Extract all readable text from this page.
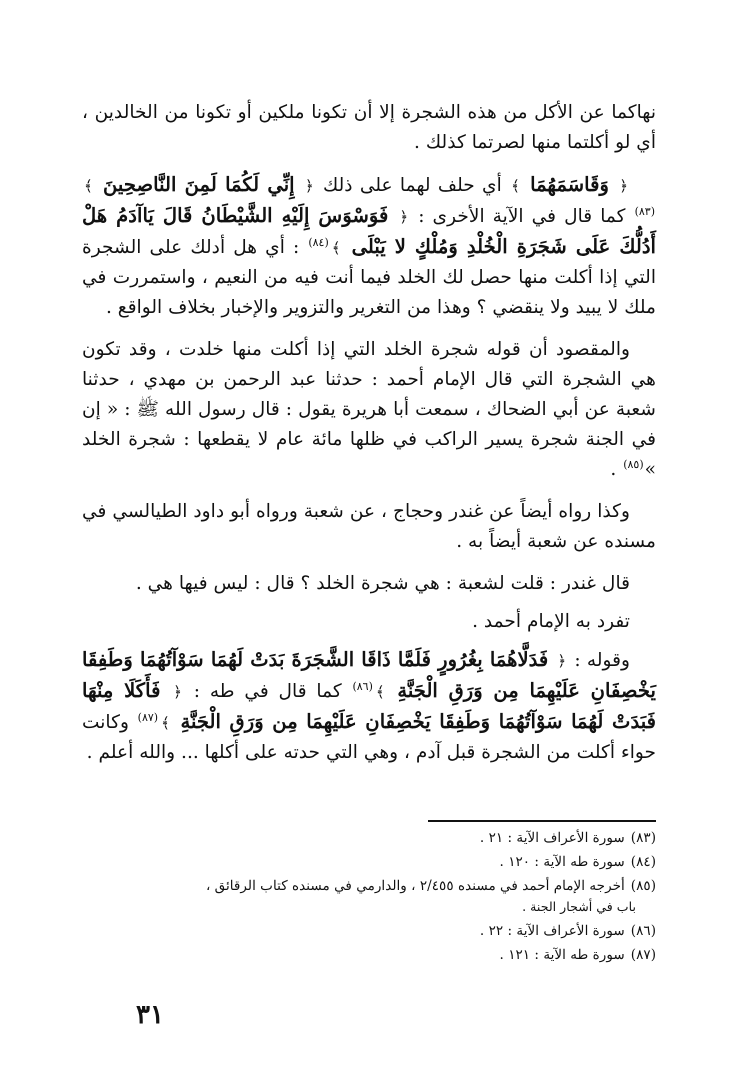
نهاكما عن الأكل من هذه الشجرة إلا أن تكونا ملكين أو تكونا من الخالدين ، أي لو أكلتما منها لصرتما كذلك .

﴿ وَقَاسَمَهُمَا ﴾ أي حلف لهما على ذلك ﴿ إِنِّي لَكُمَا لَمِنَ النَّاصِحِينَ ﴾$^{(٨٣)}$ كما قال في الآية الأخرى : ﴿ فَوَسْوَسَ إِلَيْهِ الشَّيْطَانُ قَالَ يَاآدَمُ هَلْ أَدُلُّكَ عَلَى شَجَرَةِ الْخُلْدِ وَمُلْكٍ لا يَبْلَى ﴾$^{(٨٤)}$ : أي هل أدلك على الشجرة التي إذا أكلت منها حصل لك الخلد فيما أنت فيه من النعيم ، واستمررت في ملك لا يبيد ولا ينقضي ؟ وهذا من التغرير والتزوير والإخبار بخلاف الواقع .

والمقصود أن قوله شجرة الخلد التي إذا أكلت منها خلدت ، وقد تكون هي الشجرة التي قال الإمام أحمد : حدثنا عبد الرحمن بن مهدي ، حدثنا شعبة عن أبي الضحاك ، سمعت أبا هريرة يقول : قال رسول الله ﷺ : « إن في الجنة شجرة يسير الراكب في ظلها مائة عام لا يقطعها : شجرة الخلد »$^{(٨٥)}$ .

وكذا رواه أيضاً عن غندر وحجاج ، عن شعبة ورواه أبو داود الطيالسي في مسنده عن شعبة أيضاً به .

قال غندر : قلت لشعبة : هي شجرة الخلد ؟ قال : ليس فيها هي .

تفرد به الإمام أحمد .

وقوله : ﴿ فَدَلَّاهُمَا بِغُرُورٍ فَلَمَّا ذَاقَا الشَّجَرَةَ بَدَتْ لَهُمَا سَوْآتُهُمَا وَطَفِقَا يَخْصِفَانِ عَلَيْهِمَا مِن وَرَقِ الْجَنَّةِ ﴾$^{(٨٦)}$ كما قال في طه : ﴿ فَأَكَلَا مِنْهَا فَبَدَتْ لَهُمَا سَوْآتُهُمَا وَطَفِقَا يَخْصِفَانِ عَلَيْهِمَا مِن وَرَقِ الْجَنَّةِ ﴾$^{(٨٧)}$ وكانت حواء أكلت من الشجرة قبل آدم ، وهي التي حدته على أكلها ... والله أعلم .

(٨٣)سورة الأعراف الآية : ٢١ .

(٨٤)سورة طه الآية : ١٢٠ .

(٨٥)أخرجه الإمام أحمد في مسنده ٢/٤٥٥ ، والدارمي في مسنده كتاب الرقائق ،
باب في أشجار الجنة .

(٨٦)سورة الأعراف الآية : ٢٢ .

(٨٧)سورة طه الآية : ١٢١ .

٣١
